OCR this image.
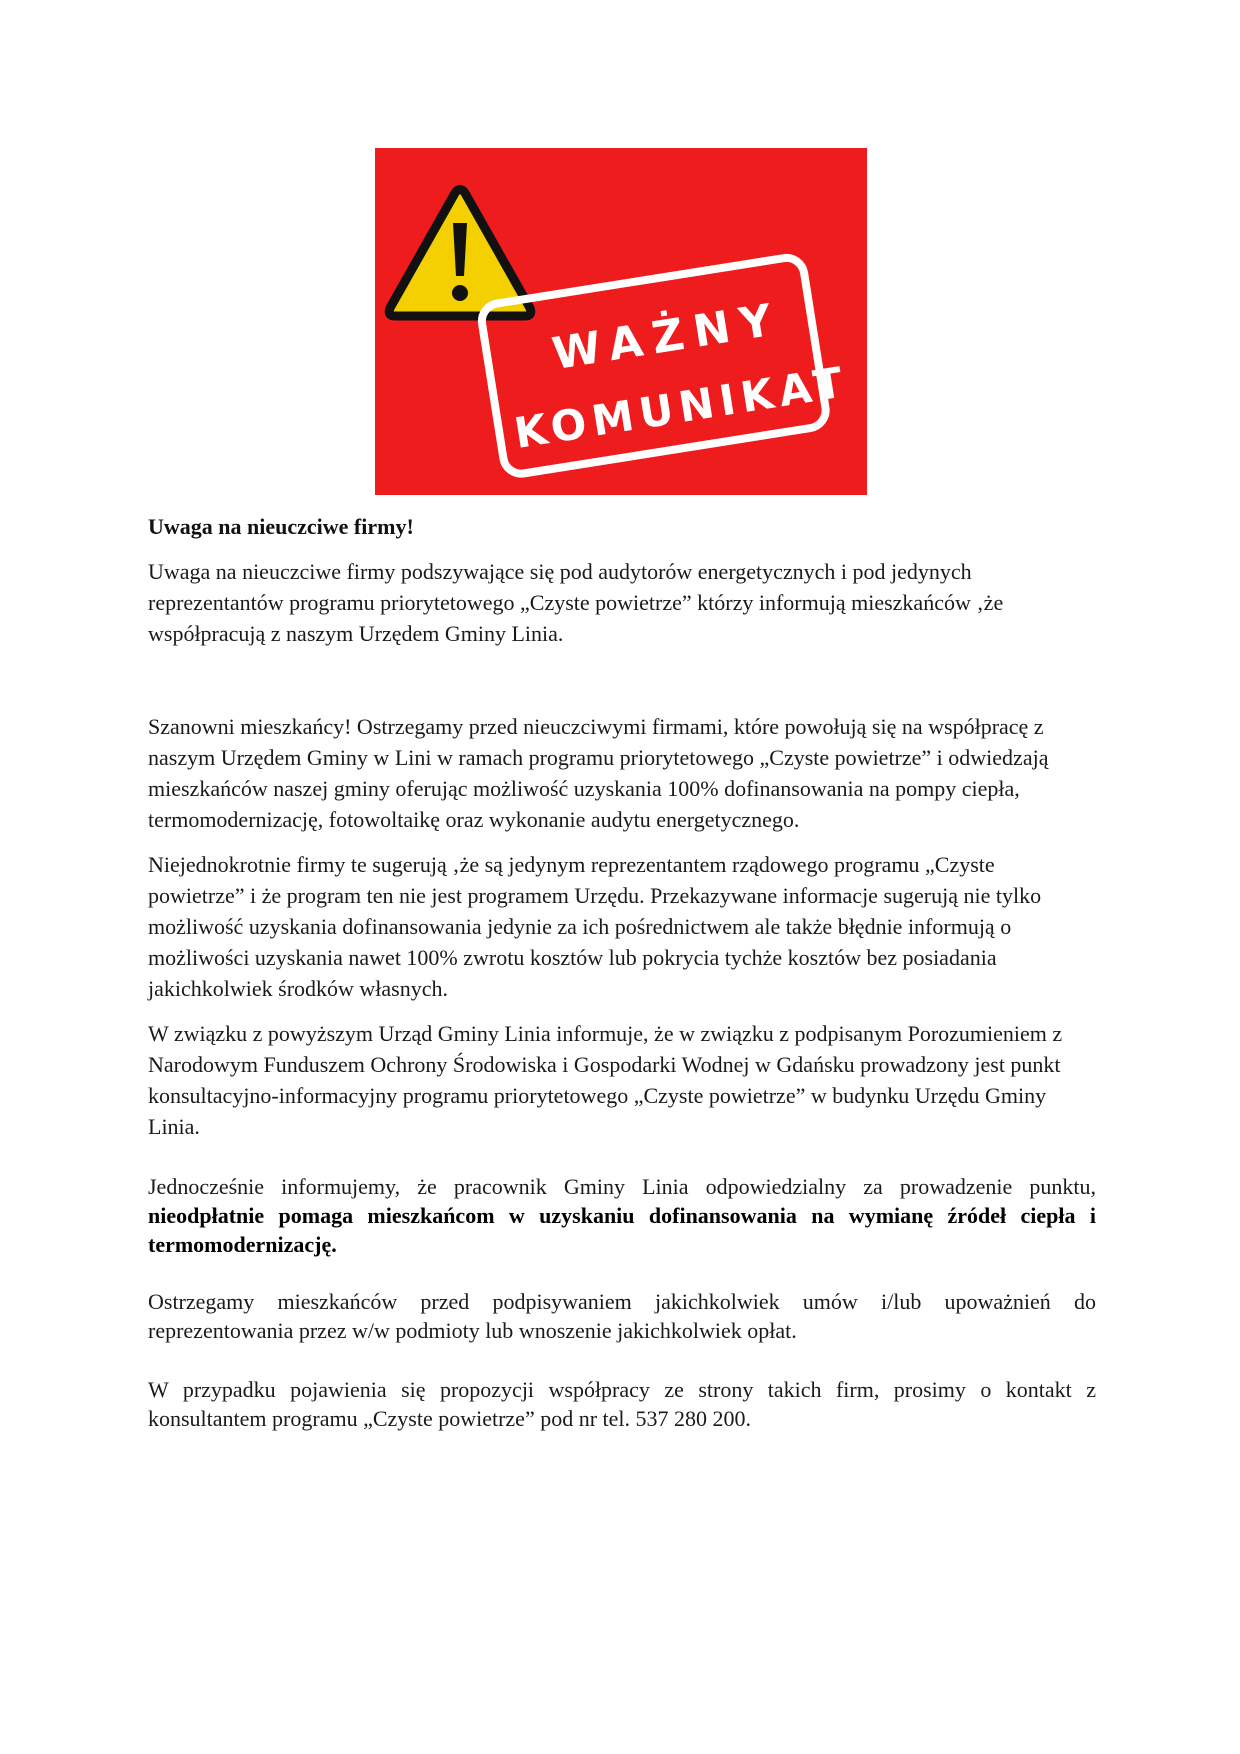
WAŻNY
KOMUNIKAT

Uwaga na nieuczciwe firmy!

Uwaga na nieuczciwe firmy podszywające się pod audytorów energetycznych i pod jedynych reprezentantów programu priorytetowego „Czyste powietrze” którzy informują mieszkańców ‚że współpracują z naszym Urzędem Gminy Linia.

Szanowni mieszkańcy! Ostrzegamy przed nieuczciwymi firmami, które powołują się na współpracę z naszym Urzędem Gminy w Lini w ramach programu priorytetowego „Czyste powietrze” i odwiedzają mieszkańców naszej gminy oferując możliwość uzyskania 100% dofinansowania na pompy ciepła, termomodernizację, fotowoltaikę oraz wykonanie audytu energetycznego.

Niejednokrotnie firmy te sugerują ‚że są jedynym reprezentantem rządowego programu „Czyste powietrze” i że program ten nie jest programem Urzędu. Przekazywane informacje sugerują nie tylko możliwość uzyskania dofinansowania jedynie za ich pośrednictwem ale także błędnie informują o możliwości uzyskania nawet 100% zwrotu kosztów lub pokrycia tychże kosztów bez posiadania jakichkolwiek środków własnych.

W związku z powyższym Urząd Gminy Linia informuje, że w związku z podpisanym Porozumieniem z Narodowym Funduszem Ochrony Środowiska i Gospodarki Wodnej w Gdańsku prowadzony jest punkt konsultacyjno-informacyjny programu priorytetowego „Czyste powietrze” w budynku Urzędu Gminy Linia.

Jednocześnie informujemy, że pracownik Gminy Linia odpowiedzialny za prowadzenie punktu, nieodpłatnie pomaga mieszkańcom w uzyskaniu dofinansowania na wymianę źródeł ciepła i termomodernizację.

Ostrzegamy mieszkańców przed podpisywaniem jakichkolwiek umów i/lub upoważnień do reprezentowania przez w/w podmioty lub wnoszenie jakichkolwiek opłat.

W przypadku pojawienia się propozycji współpracy ze strony takich firm, prosimy o kontakt z konsultantem programu „Czyste powietrze” pod nr tel. 537 280 200.
